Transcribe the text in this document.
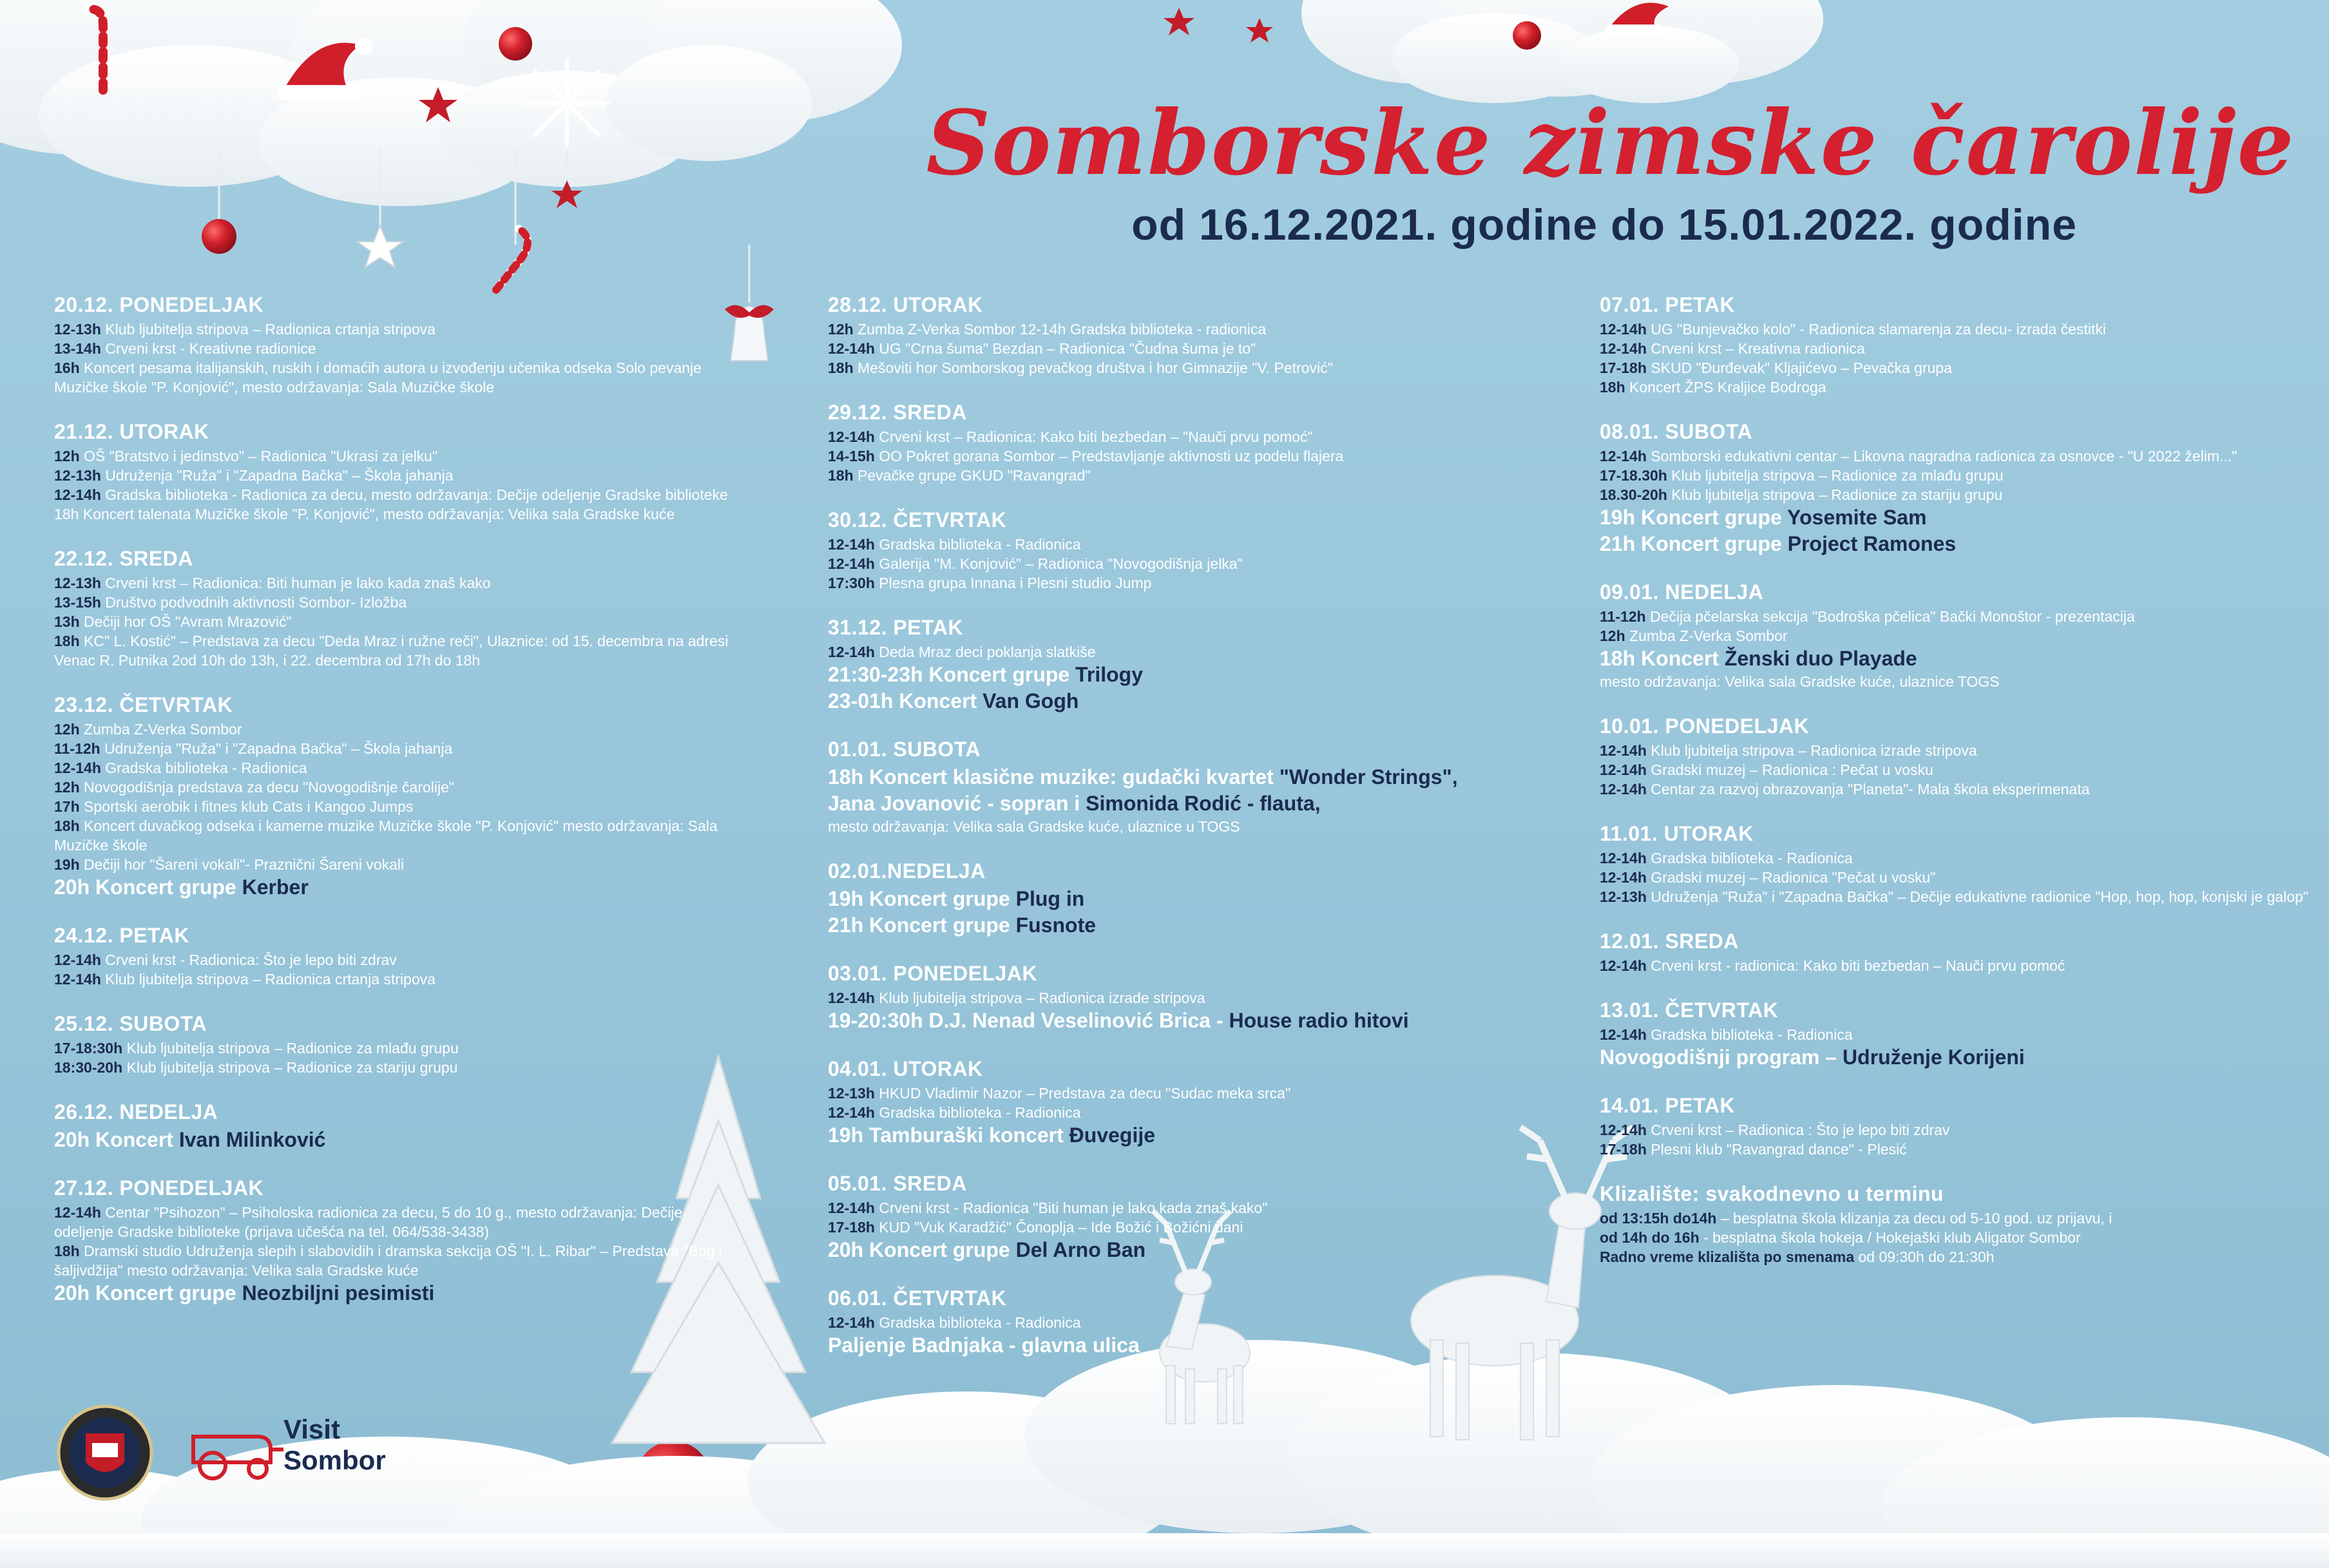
Somborske zimske čarolije
od 16.12.2021. godine do 15.01.2022. godine
20.12. PONEDELJAK
12-13h Klub ljubitelja stripova – Radionica crtanja stripova
13-14h Crveni krst - Kreativne radionice
16h Koncert pesama italijanskih, ruskih i domaćih autora u izvođenju učenika odseka Solo pevanje Muzičke škole "P. Konjović", mesto održavanja: Sala Muzičke škole
21.12. UTORAK
12h OŠ "Bratstvo i jedinstvo" – Radionica "Ukrasi za jelku"
12-13h Udruženja "Ruža" i "Zapadna Bačka" – Škola jahanja
12-14h Gradska biblioteka - Radionica za decu, mesto održavanja: Dečije odeljenje Gradske biblioteke 18h Koncert talenata Muzičke škole "P. Konjović", mesto održavanja: Velika sala Gradske kuće
22.12. SREDA
12-13h Crveni krst – Radionica: Biti human je lako kada znaš kako
13-15h Društvo podvodnih aktivnosti Sombor- Izložba
13h Dečiji hor OŠ "Avram Mrazović"
18h KC" L. Kostić" – Predstava za decu "Deda Mraz i ružne reči", Ulaznice: od 15. decembra na adresi Venac R. Putnika 2od 10h do 13h, i 22. decembra od 17h do 18h
23.12. ČETVRTAK
12h Zumba Z-Verka Sombor
11-12h Udruženja "Ruža" i "Zapadna Bačka" – Škola jahanja
12-14h Gradska biblioteka - Radionica
12h Novogodišnja predstava za decu "Novogodišnje čarolije"
17h Sportski aerobik i fitnes klub Cats i Kangoo Jumps
18h Koncert duvačkog odseka i kamerne muzike Muzičke škole "P. Konjović" mesto održavanja: Sala Muzičke škole
19h Dečiji hor "Šareni vokali"- Praznični Šareni vokali
20h Koncert grupe Kerber
24.12. PETAK
12-14h Crveni krst - Radionica: Što je lepo biti zdrav
12-14h Klub ljubitelja stripova – Radionica crtanja stripova
25.12. SUBOTA
17-18:30h Klub ljubitelja stripova – Radionice za mlađu grupu
18:30-20h Klub ljubitelja stripova – Radionice za stariju grupu
26.12. NEDELJA
20h Koncert Ivan Milinković
27.12. PONEDELJAK
12-14h Centar "Psihozon" – Psiholoska radionica za decu, 5 do 10 g., mesto održavanja: Dečije odeljenje Gradske biblioteke (prijava učešća na tel. 064/538-3438)
18h Dramski studio Udruženja slepih i slabovidih i dramska sekcija OŠ "I. L. Ribar" – Predstava "Bog i šaljivdžija" mesto održavanja: Velika sala Gradske kuće
20h Koncert grupe Neozbiljni pesimisti
28.12. UTORAK
12h Zumba Z-Verka Sombor 12-14h Gradska biblioteka - radionica
12-14h UG "Crna šuma" Bezdan – Radionica "Čudna šuma je to"
18h Mešoviti hor Somborskog pevačkog društva i hor Gimnazije "V. Petrović"
29.12. SREDA
12-14h Crveni krst – Radionica: Kako biti bezbedan – "Nauči prvu pomoć"
14-15h OO Pokret gorana Sombor – Predstavljanje aktivnosti uz podelu flajera
18h Pevačke grupe GKUD "Ravangrad"
30.12. ČETVRTAK
12-14h Gradska biblioteka - Radionica
12-14h Galerija "M. Konjović" – Radionica "Novogodišnja jelka"
17:30h Plesna grupa Innana i Plesni studio Jump
31.12. PETAK
12-14h Deda Mraz deci poklanja slatkiše
21:30-23h Koncert grupe Trilogy
23-01h Koncert Van Gogh
01.01. SUBOTA
18h Koncert klasične muzike: gudački kvartet "Wonder Strings",
Jana Jovanović - sopran i Simonida Rodić - flauta,
mesto održavanja: Velika sala Gradske kuće, ulaznice u TOGS
02.01.NEDELJA
19h Koncert grupe Plug in
21h Koncert grupe Fusnote
03.01. PONEDELJAK
12-14h Klub ljubitelja stripova – Radionica izrade stripova
19-20:30h D.J. Nenad Veselinović Brica - House radio hitovi
04.01. UTORAK
12-13h HKUD Vladimir Nazor – Predstava za decu "Sudac meka srca"
12-14h Gradska biblioteka - Radionica
19h Tamburaški koncert Đuvegije
05.01. SREDA
12-14h Crveni krst - Radionica "Biti human je lako kada znaš kako"
17-18h KUD "Vuk Karadžić" Čonoplja – Ide Božić i Božićni dani
20h Koncert grupe Del Arno Ban
06.01. ČETVRTAK
12-14h Gradska biblioteka - Radionica
Paljenje Badnjaka - glavna ulica
07.01. PETAK
12-14h UG "Bunjevačko kolo" - Radionica slamarenja za decu- izrada čestitki
12-14h Crveni krst – Kreativna radionica
17-18h SKUD "Đurđevak" Kljajićevo – Pevačka grupa
18h Koncert ŽPS Kraljice Bodroga
08.01. SUBOTA
12-14h Somborski edukativni centar – Likovna nagradna radionica za osnovce - "U 2022 želim..."
17-18.30h Klub ljubitelja stripova – Radionice za mlađu grupu
18.30-20h Klub ljubitelja stripova – Radionice za stariju grupu
19h Koncert grupe Yosemite Sam
21h Koncert grupe Project Ramones
09.01. NEDELJA
11-12h Dečija pčelarska sekcija "Bodroška pčelica" Bački Monoštor - prezentacija
12h Zumba Z-Verka Sombor
18h Koncert Ženski duo Playade
mesto održavanja: Velika sala Gradske kuće, ulaznice TOGS
10.01. PONEDELJAK
12-14h Klub ljubitelja stripova – Radionica izrade stripova
12-14h Gradski muzej – Radionica : Pečat u vosku
12-14h Centar za razvoj obrazovanja "Planeta"- Mala škola eksperimenata
11.01. UTORAK
12-14h Gradska biblioteka - Radionica
12-14h Gradski muzej – Radionica "Pečat u vosku"
12-13h Udruženja "Ruža" i "Zapadna Bačka" – Dečije edukativne radionice "Hop, hop, hop, konjski je galop"
12.01. SREDA
12-14h Crveni krst - radionica: Kako biti bezbedan – Nauči prvu pomoć
13.01. ČETVRTAK
12-14h Gradska biblioteka - Radionica
Novogodišnji program – Udruženje Korijeni
14.01. PETAK
12-14h Crveni krst – Radionica : Što je lepo biti zdrav
17-18h Plesni klub "Ravangrad dance" - Plesić
Klizalište: svakodnevno u terminu
od 13:15h do14h – besplatna škola klizanja za decu od 5-10 god. uz prijavu, i
od 14h do 16h - besplatna škola hokeja / Hokejaški klub Aligator Sombor
Radno vreme klizališta po smenama od 09:30h do 21:30h
Visit
Sombor
